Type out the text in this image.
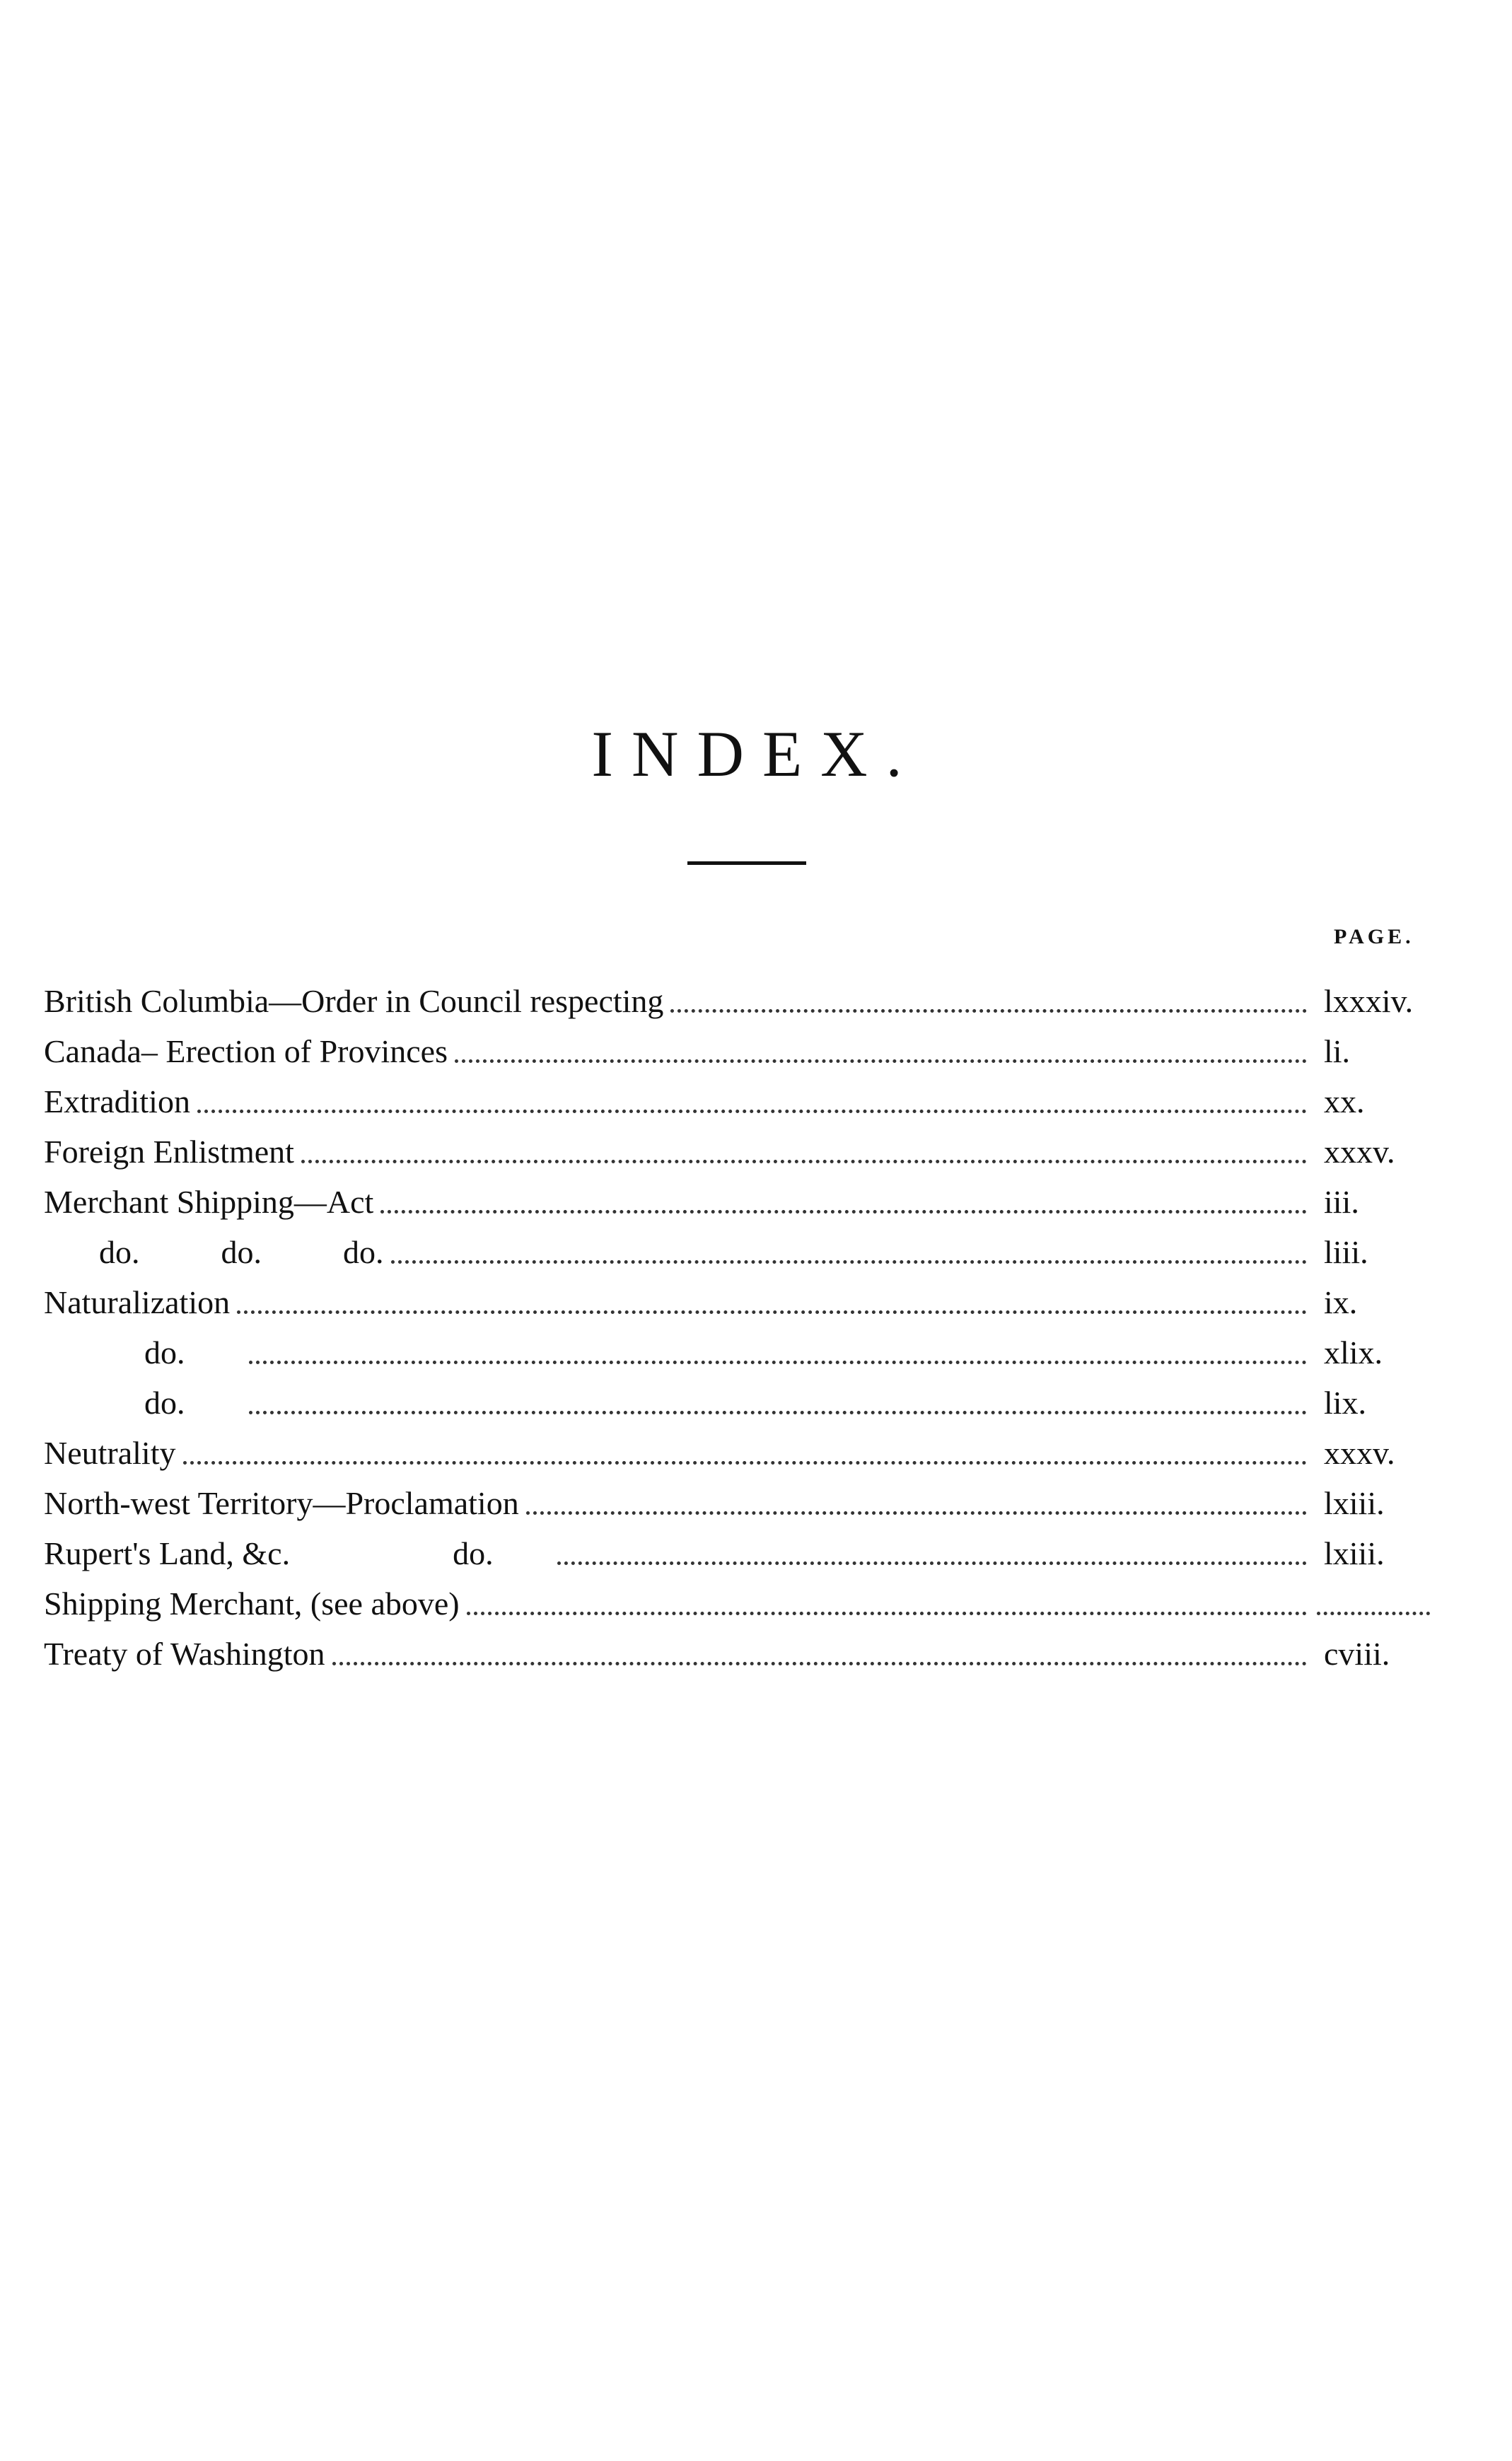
INDEX.
PAGE.
British Columbia—Order in Council respecting	lxxxiv.
Canada– Erection of Provinces	li.
Extradition	xx.
Foreign Enlistment	xxxv.
Merchant Shipping—Act	iii.
do.          do.          do.	liii.
Naturalization	ix.
do.	xlix.
do.	lix.
Neutrality	xxxv.
North-west Territory—Proclamation	lxiii.
Rupert's Land, &c.                    do.	lxiii.
Shipping Merchant, (see above)
Treaty of Washington	cviii.
